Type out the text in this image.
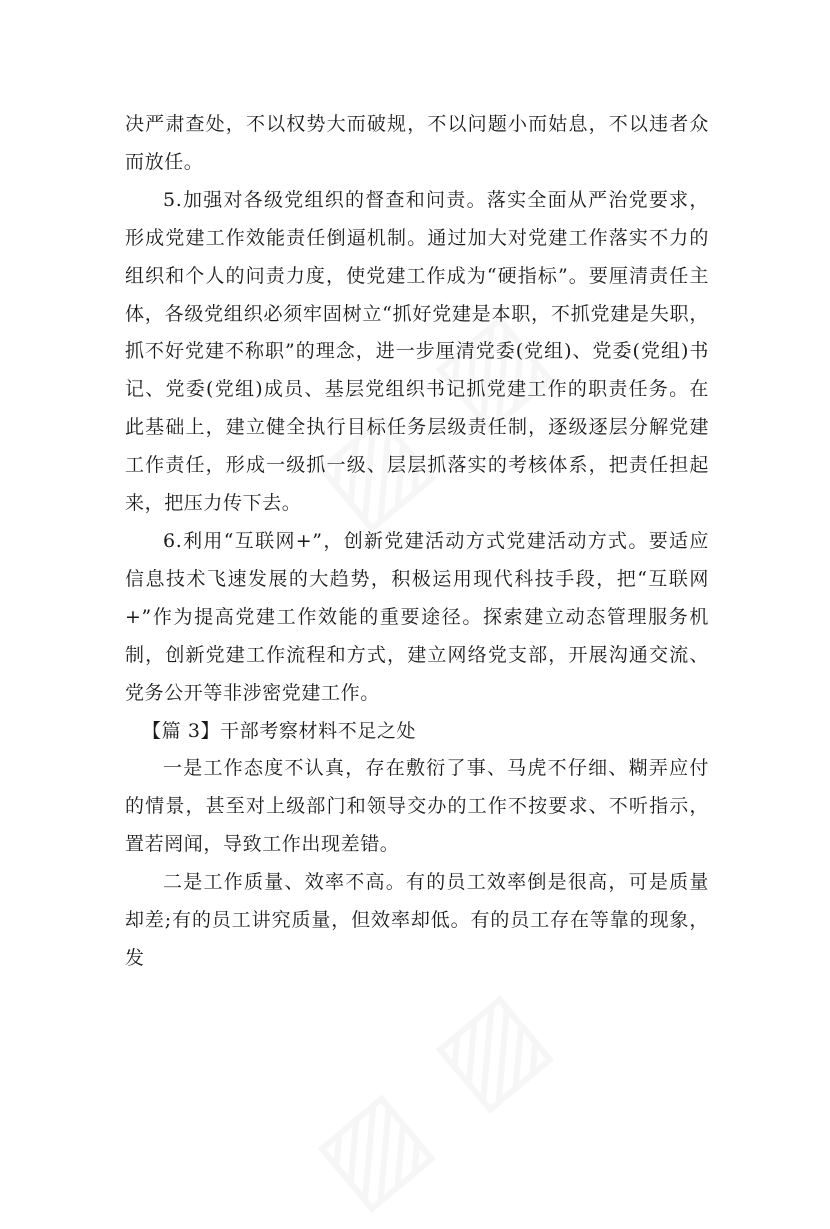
决严肃查处，不以权势大而破规，不以问题小而姑息，不以违者众而放任。

5.加强对各级党组织的督查和问责。落实全面从严治党要求，形成党建工作效能责任倒逼机制。通过加大对党建工作落实不力的组织和个人的问责力度，使党建工作成为“硬指标”。要厘清责任主体，各级党组织必须牢固树立“抓好党建是本职，不抓党建是失职，抓不好党建不称职”的理念，进一步厘清党委(党组)、党委(党组)书记、党委(党组)成员、基层党组织书记抓党建工作的职责任务。在此基础上，建立健全执行目标任务层级责任制，逐级逐层分解党建工作责任，形成一级抓一级、层层抓落实的考核体系，把责任担起来，把压力传下去。

6.利用“互联网+”，创新党建活动方式党建活动方式。要适应信息技术飞速发展的大趋势，积极运用现代科技手段，把“互联网+”作为提高党建工作效能的重要途径。探索建立动态管理服务机制，创新党建工作流程和方式，建立网络党支部，开展沟通交流、党务公开等非涉密党建工作。

【篇 3】干部考察材料不足之处

一是工作态度不认真，存在敷衍了事、马虎不仔细、糊弄应付的情景，甚至对上级部门和领导交办的工作不按要求、不听指示，置若罔闻，导致工作出现差错。

二是工作质量、效率不高。有的员工效率倒是很高，可是质量却差;有的员工讲究质量，但效率却低。有的员工存在等靠的现象，发
